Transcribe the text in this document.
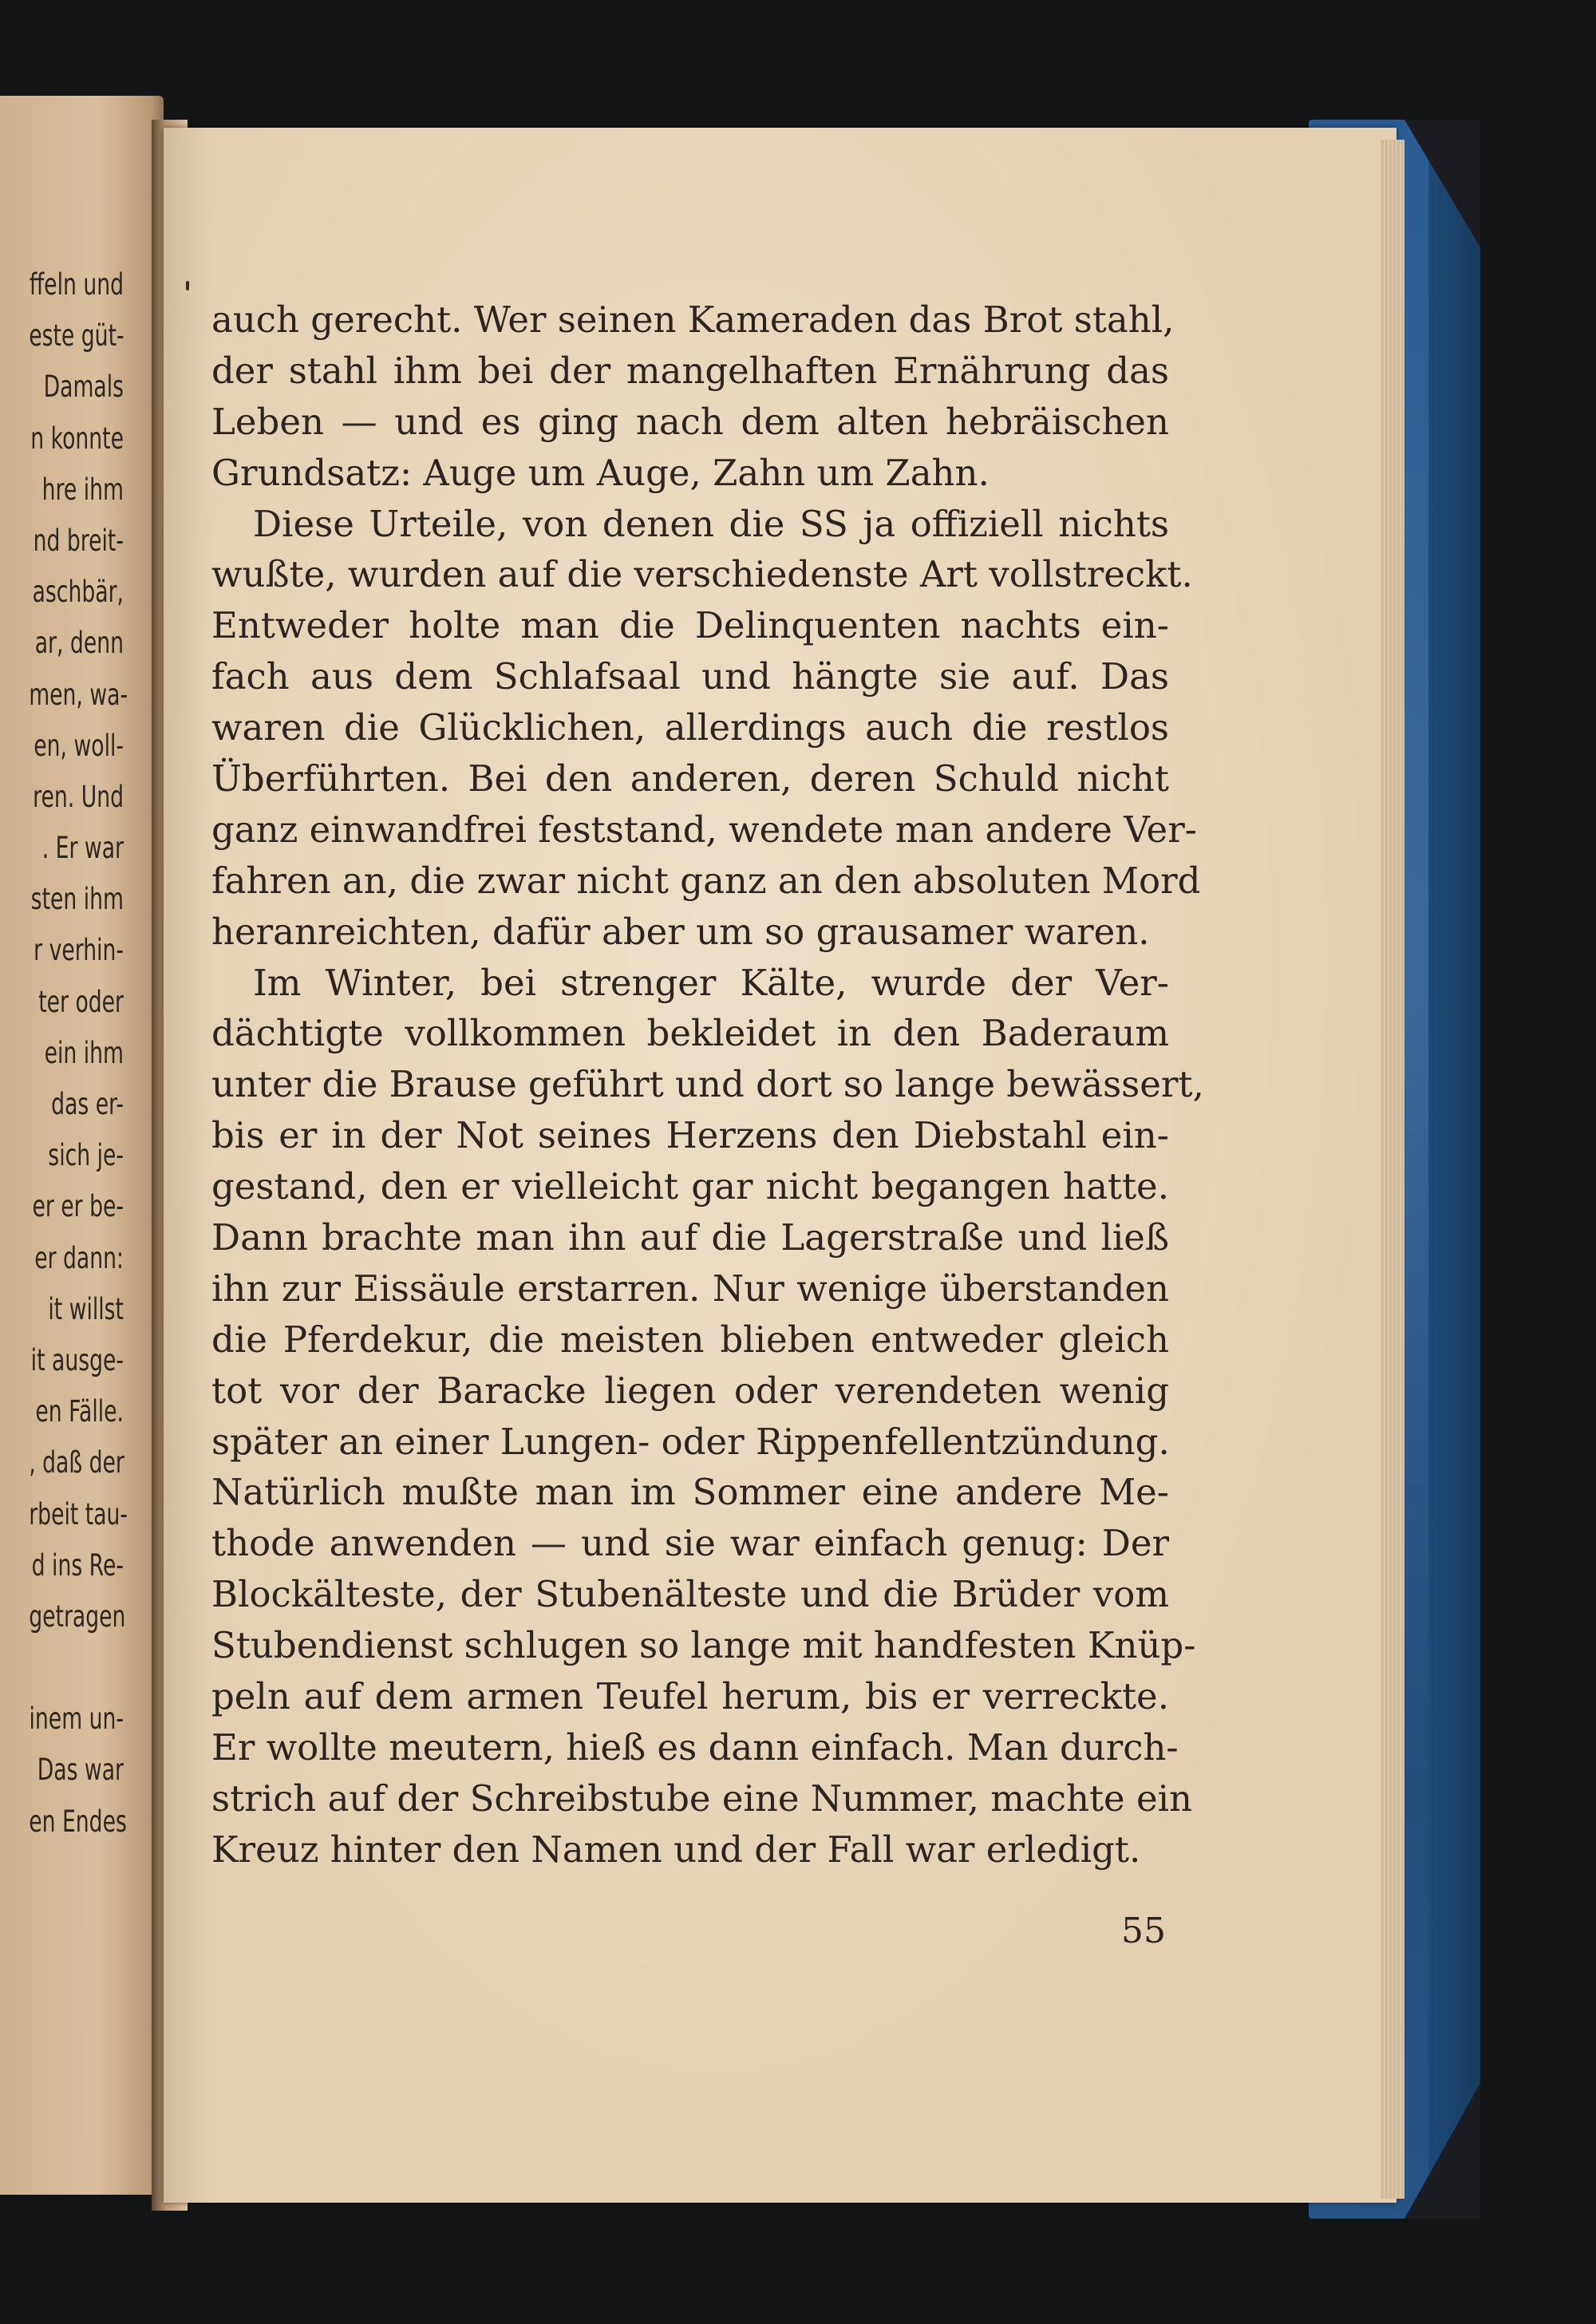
ffeln und
este güt-
Damals
n konnte
hre ihm
nd breit-
aschbär,
ar, denn
men, wa-
en, woll-
ren. Und
. Er war
sten ihm
r verhin-
ter oder
ein ihm
das er-
sich je-
er er be-
er dann:
it willst
it ausge-
en Fälle.
, daß der
rbeit tau-
d ins Re-
getragen
inem un-
Das war
en Endes
auch gerecht. Wer seinen Kameraden das Brot stahl,
der stahl ihm bei der mangelhaften Ernährung das
Leben — und es ging nach dem alten hebräischen
Grundsatz: Auge um Auge, Zahn um Zahn.
Diese Urteile, von denen die SS ja offiziell nichts
wußte, wurden auf die verschiedenste Art vollstreckt.
Entweder holte man die Delinquenten nachts ein-
fach aus dem Schlafsaal und hängte sie auf. Das
waren die Glücklichen, allerdings auch die restlos
Überführten. Bei den anderen, deren Schuld nicht
ganz einwandfrei feststand, wendete man andere Ver-
fahren an, die zwar nicht ganz an den absoluten Mord
heranreichten, dafür aber um so grausamer waren.
Im Winter, bei strenger Kälte, wurde der Ver-
dächtigte vollkommen bekleidet in den Baderaum
unter die Brause geführt und dort so lange bewässert,
bis er in der Not seines Herzens den Diebstahl ein-
gestand, den er vielleicht gar nicht begangen hatte.
Dann brachte man ihn auf die Lagerstraße und ließ
ihn zur Eissäule erstarren. Nur wenige überstanden
die Pferdekur, die meisten blieben entweder gleich
tot vor der Baracke liegen oder verendeten wenig
später an einer Lungen- oder Rippenfellentzündung.
Natürlich mußte man im Sommer eine andere Me-
thode anwenden — und sie war einfach genug: Der
Blockälteste, der Stubenälteste und die Brüder vom
Stubendienst schlugen so lange mit handfesten Knüp-
peln auf dem armen Teufel herum, bis er verreckte.
Er wollte meutern, hieß es dann einfach. Man durch-
strich auf der Schreibstube eine Nummer, machte ein
Kreuz hinter den Namen und der Fall war erledigt.
55
